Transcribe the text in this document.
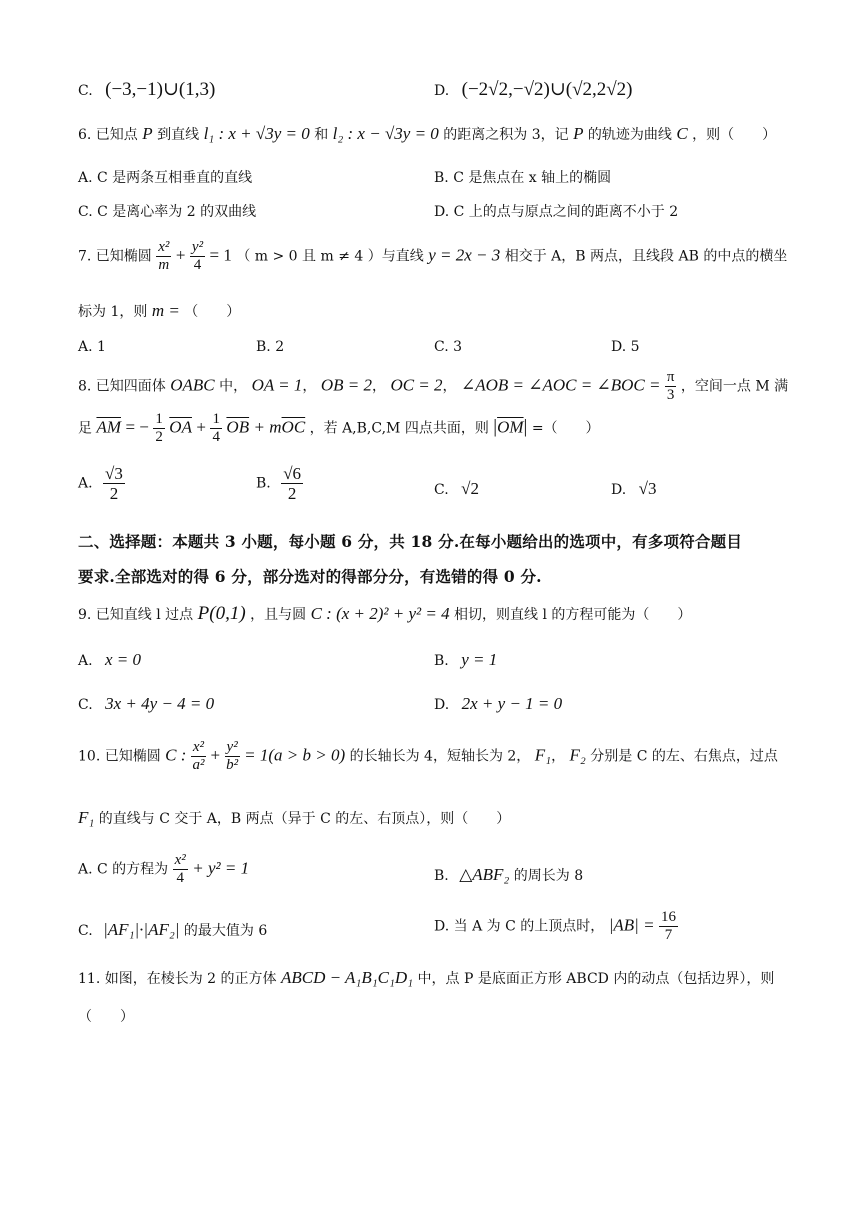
C. (−3,−1)∪(1,3)	D. (−2√2,−√2)∪(√2,2√2)
6. 已知点 P 到直线 l₁ : x + √3y = 0 和 l₂ : x − √3y = 0 的距离之积为 3，记 P 的轨迹为曲线 C ，则（　　）
A. C 是两条互相垂直的直线	B. C 是焦点在 x 轴上的椭圆
C. C 是离心率为 2 的双曲线	D. C 上的点与原点之间的距离不小于 2
7. 已知椭圆 $\frac{\text{x²}}{m} + \frac{\text{y²}}{4} = 1$ （ m > 0 且 m ≠ 4 ）与直线 y = 2x − 3 相交于 A，B 两点，且线段 AB 的中点的横坐
标为 1，则 m = （　　）
A. 1	B. 2	C. 3	D. 5
8. 已知四面体 OABC 中， OA = 1， OB = 2， OC = 2， ∠AOB = ∠AOC = ∠BOC = $\frac{\pi}{3}$ ，空间一点 M 满
足 $\overline{AM}$ = − $\frac{1}{2} \overline{OA} + \frac{1}{4} \overline{OB} + m\overline{OC}$ ，若 A,B,C,M 四点共面，则 $|\overline{OM}|$ =（　　）
A. $\frac{√3}{2}$	B. $\frac{√6}{2}$	C. √2	D. √3
二、选择题：本题共 3 小题，每小题 6 分，共 18 分.在每小题给出的选项中，有多项符合题目
要求.全部选对的得 6 分，部分选对的得部分分，有选错的得 0 分.
9. 已知直线 l 过点 P(0,1) ，且与圆 C : (x + 2)² + y² = 4 相切，则直线 l 的方程可能为（　　）
A. x = 0	B. y = 1
C. 3x + 4y − 4 = 0	D. 2x + y − 1 = 0
10. 已知椭圆 C : $\frac{\text{x²}}{\text{a²}} + \frac{\text{y²}}{\text{b²}} = 1(a > b > 0)$ 的长轴长为 4，短轴长为 2， F₁， F₂ 分别是 C 的左、右焦点，过点
F₁ 的直线与 C 交于 A，B 两点（异于 C 的左、右顶点），则（　　）
A. C 的方程为 $\frac{\text{x²}}{4} + y^2 = 1$	B. △ABF₂ 的周长为 8
C. |AF₁|·|AF₂| 的最大值为 6	D. 当 A 为 C 的上顶点时， $|AB| = \frac{16}{7}$
11. 如图，在棱长为 2 的正方体 ABCD − A₁B₁C₁D₁ 中，点 P 是底面正方形 ABCD 内的动点（包括边界），则
（　　）
